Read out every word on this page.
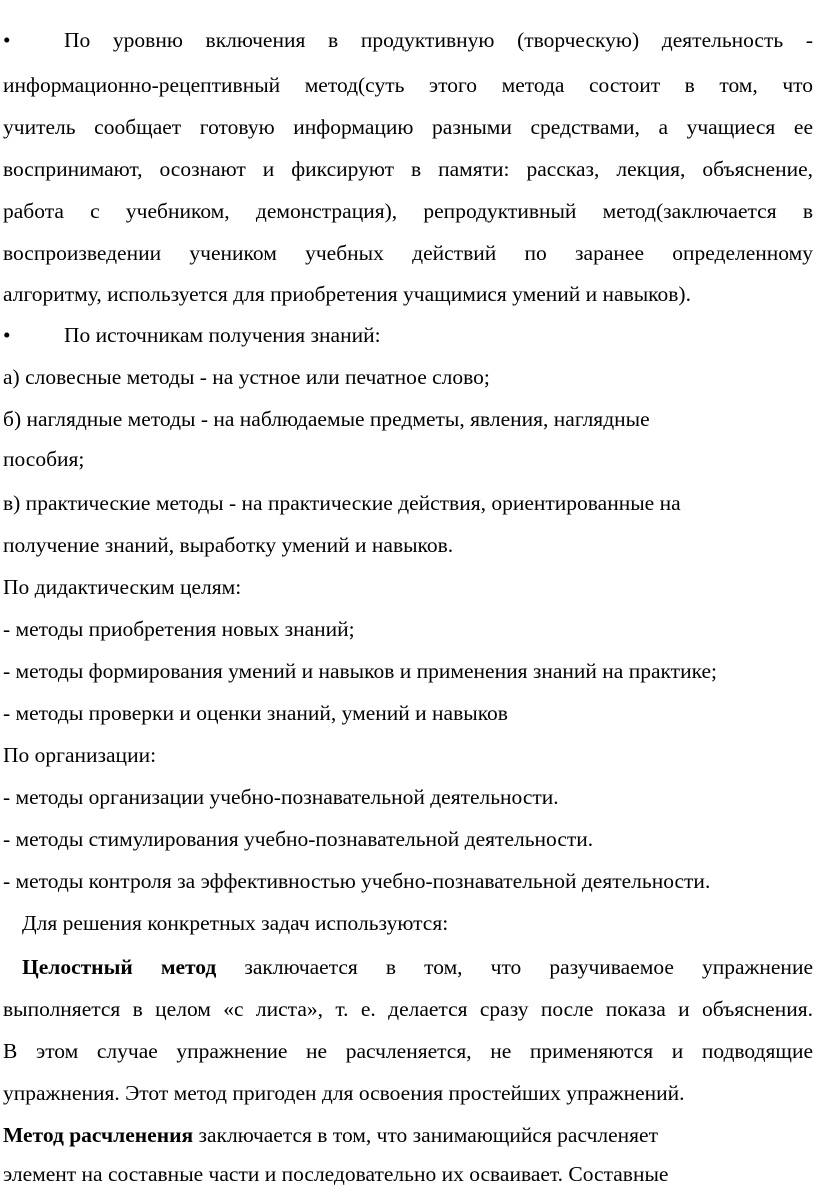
• По уровню включения в продуктивную (творческую) деятельность -
информационно-рецептивный метод(суть этого метода состоит в том, что
учитель сообщает готовую информацию разными средствами, а учащиеся ее
воспринимают, осознают и фиксируют в памяти: рассказ, лекция, объяснение,
работа с учебником, демонстрация), репродуктивный метод(заключается в
воспроизведении учеником учебных действий по заранее определенному
алгоритму, используется для приобретения учащимися умений и навыков).
• По источникам получения знаний:
а) словесные методы - на устное или печатное слово;
б) наглядные методы - на наблюдаемые предметы, явления, наглядные
пособия;
в) практические методы - на практические действия, ориентированные на
получение знаний, выработку умений и навыков.
По дидактическим целям:
- методы приобретения новых знаний;
- методы формирования умений и навыков и применения знаний на практике;
- методы проверки и оценки знаний, умений и навыков
По организации:
- методы организации учебно-познавательной деятельности.
- методы стимулирования учебно-познавательной деятельности.
- методы контроля за эффективностью учебно-познавательной деятельности.
Для решения конкретных задач используются:
Целостный метод заключается в том, что разучиваемое упражнение
выполняется в целом «с листа», т. е. делается сразу после показа и объяснения.
В этом случае упражнение не расчленяется, не применяются и подводящие
упражнения. Этот метод пригоден для освоения простейших упражнений.
Метод расчленения заключается в том, что занимающийся расчленяет
элемент на составные части и последовательно их осваивает. Составные
